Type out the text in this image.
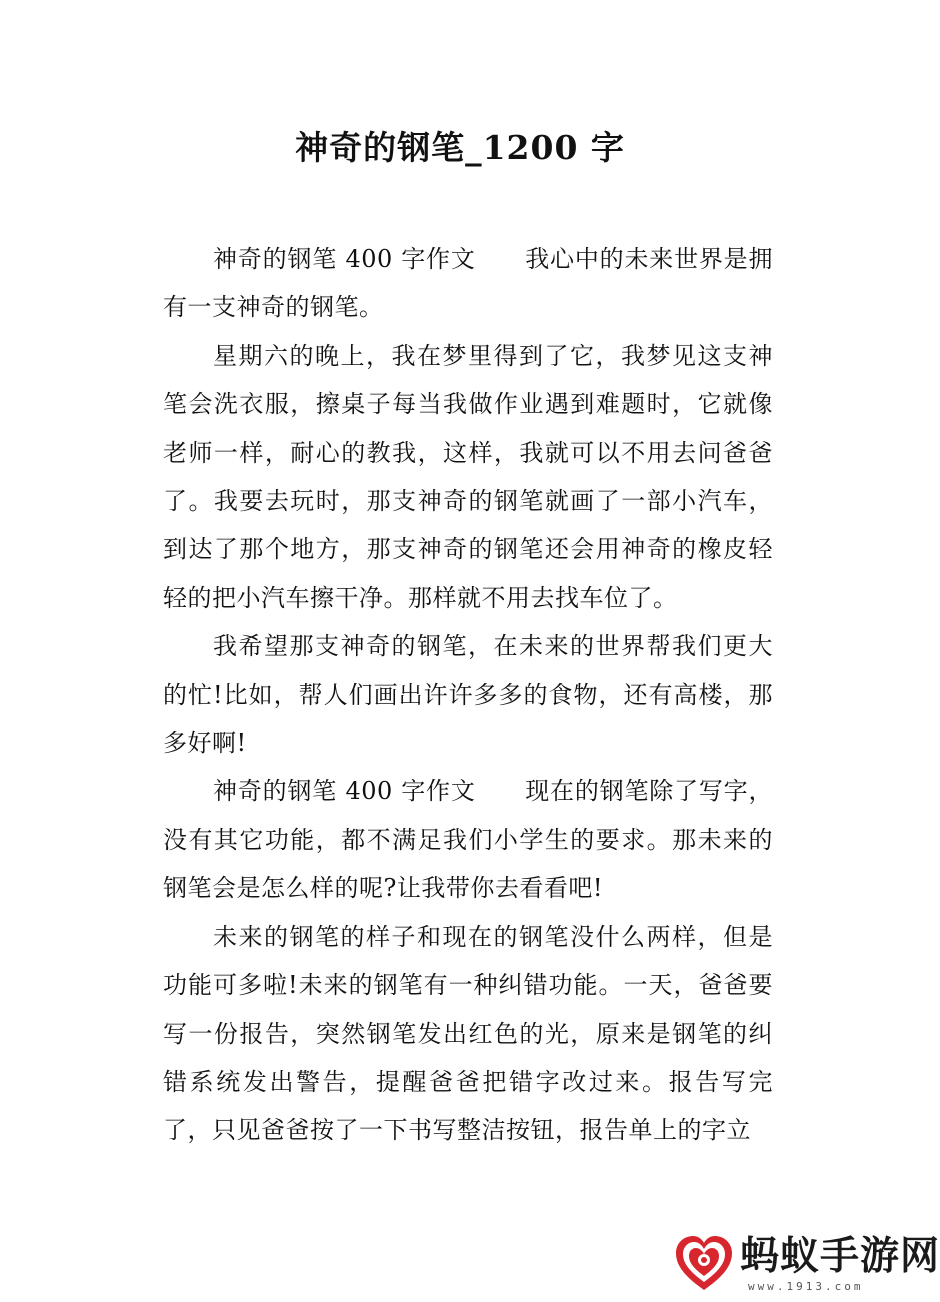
神奇的钢笔_1200 字

神奇的钢笔 400 字作文　　我心中的未来世界是拥有一支神奇的钢笔。

星期六的晚上，我在梦里得到了它，我梦见这支神笔会洗衣服，擦桌子每当我做作业遇到难题时，它就像老师一样，耐心的教我，这样，我就可以不用去问爸爸了。我要去玩时，那支神奇的钢笔就画了一部小汽车，到达了那个地方，那支神奇的钢笔还会用神奇的橡皮轻轻的把小汽车擦干净。那样就不用去找车位了。

我希望那支神奇的钢笔，在未来的世界帮我们更大的忙!比如，帮人们画出许许多多的食物，还有高楼，那多好啊!

神奇的钢笔 400 字作文　　现在的钢笔除了写字，没有其它功能，都不满足我们小学生的要求。那未来的钢笔会是怎么样的呢?让我带你去看看吧!

未来的钢笔的样子和现在的钢笔没什么两样，但是功能可多啦!未来的钢笔有一种纠错功能。一天，爸爸要写一份报告，突然钢笔发出红色的光，原来是钢笔的纠错系统发出警告，提醒爸爸把错字改过来。报告写完了，只见爸爸按了一下书写整洁按钮，报告单上的字立

蚂蚁手游网
www.1913.com
